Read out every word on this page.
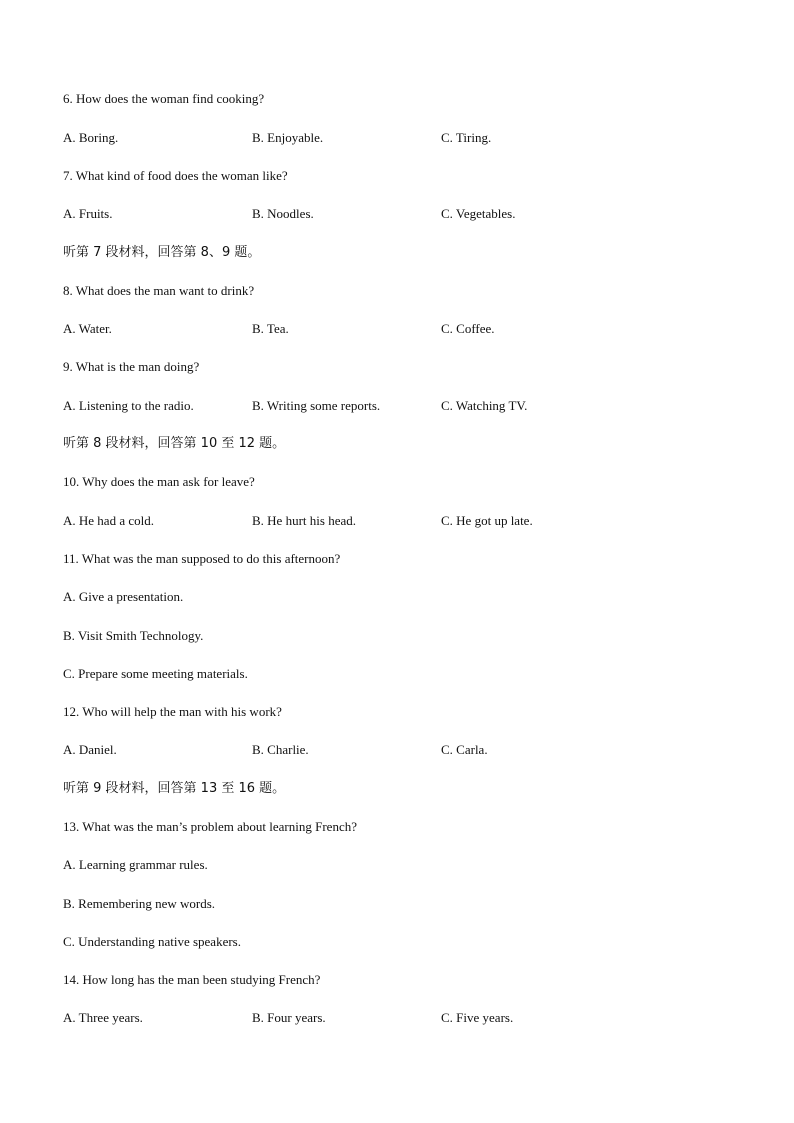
6. How does the woman find cooking?
A. Boring.	B. Enjoyable.	C. Tiring.
7. What kind of food does the woman like?
A. Fruits.	B. Noodles.	C. Vegetables.
听第 7 段材料，回答第 8、9 题。
8. What does the man want to drink?
A. Water.	B. Tea.	C. Coffee.
9. What is the man doing?
A. Listening to the radio.	B. Writing some reports.	C. Watching TV.
听第 8 段材料，回答第 10 至 12 题。
10. Why does the man ask for leave?
A. He had a cold.	B. He hurt his head.	C. He got up late.
11. What was the man supposed to do this afternoon?
A. Give a presentation.
B. Visit Smith Technology.
C. Prepare some meeting materials.
12. Who will help the man with his work?
A. Daniel.	B. Charlie.	C. Carla.
听第 9 段材料，回答第 13 至 16 题。
13. What was the man’s problem about learning French?
A. Learning grammar rules.
B. Remembering new words.
C. Understanding native speakers.
14. How long has the man been studying French?
A. Three years.	B. Four years.	C. Five years.
